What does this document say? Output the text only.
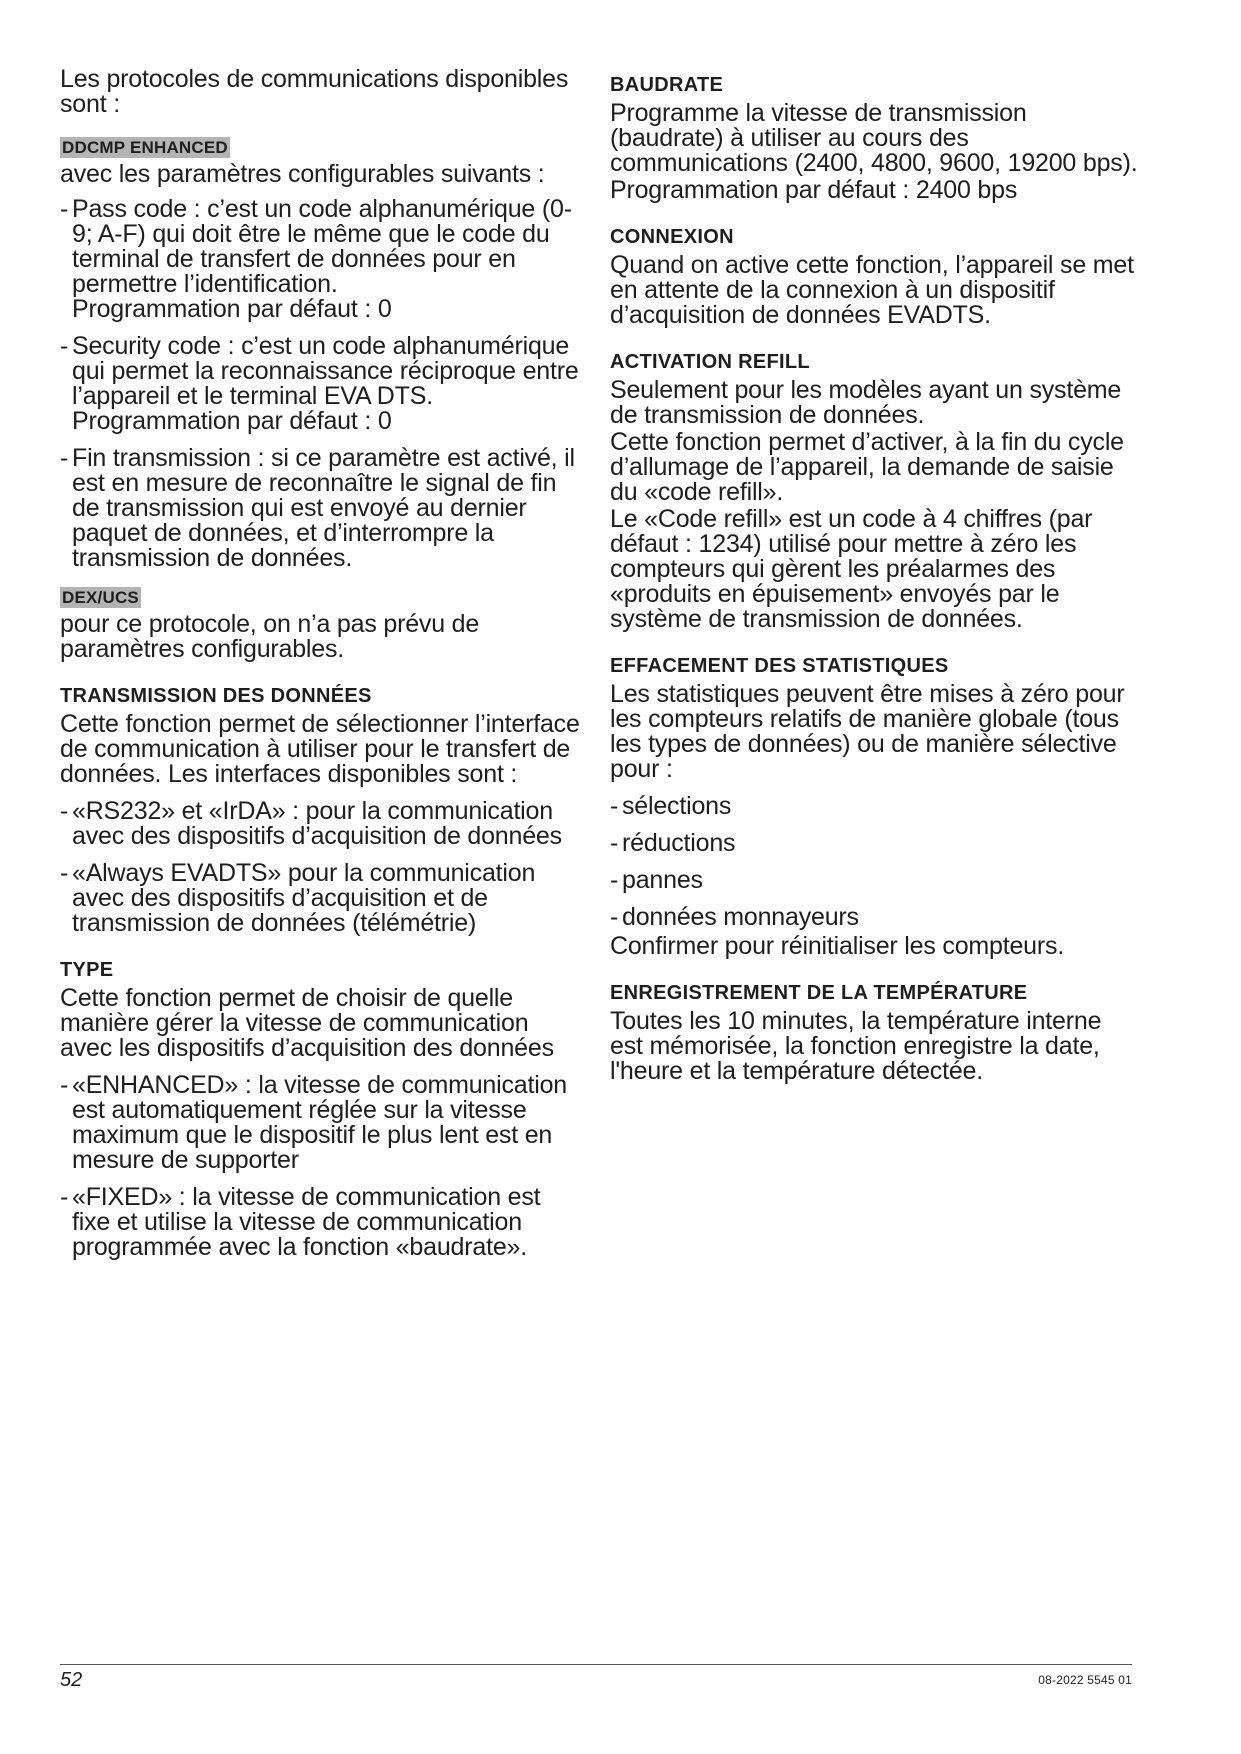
Les protocoles de communications disponibles sont :
DDCMP ENHANCED
avec les paramètres configurables suivants :
- Pass code : c’est un code alphanumérique (0-9; A-F) qui doit être le même que le code du terminal de transfert de données pour en permettre l’identification.
Programmation par défaut : 0
- Security code : c’est un code alphanumérique qui permet la reconnaissance réciproque entre l’appareil et le terminal EVA DTS.
Programmation par défaut : 0
- Fin transmission : si ce paramètre est activé, il est en mesure de reconnaître le signal de fin de transmission qui est envoyé au dernier paquet de données, et d’interrompre la transmission de données.
DEX/UCS
pour ce protocole, on n’a pas prévu de paramètres configurables.
TRANSMISSION DES DONNÉES
Cette fonction permet de sélectionner l’interface de communication à utiliser pour le transfert de données. Les interfaces disponibles sont :
- «RS232» et «IrDA» : pour la communication avec des dispositifs d’acquisition de données
- «Always EVADTS» pour la communication avec des dispositifs d’acquisition et de transmission de données (télémétrie)
TYPE
Cette fonction permet de choisir de quelle manière gérer la vitesse de communication avec les dispositifs d’acquisition des données
- «ENHANCED» : la vitesse de communication est automatiquement réglée sur la vitesse maximum que le dispositif le plus lent est en mesure de supporter
- «FIXED» : la vitesse de communication est fixe et utilise la vitesse de communication programmée avec la fonction «baudrate».
BAUDRATE
Programme la vitesse de transmission (baudrate) à utiliser au cours des communications (2400, 4800, 9600, 19200 bps).
Programmation par défaut : 2400 bps
CONNEXION
Quand on active cette fonction, l’appareil se met en attente de la connexion à un dispositif d’acquisition de données EVADTS.
ACTIVATION REFILL
Seulement pour les modèles ayant un système de transmission de données.
Cette fonction permet d’activer, à la fin du cycle d’allumage de l’appareil, la demande de saisie du «code refill».
Le «Code refill» est un code à 4 chiffres (par défaut : 1234) utilisé pour mettre à zéro les compteurs qui gèrent les préalarmes des «produits en épuisement» envoyés par le système de transmission de données.
EFFACEMENT DES STATISTIQUES
Les statistiques peuvent être mises à zéro pour les compteurs relatifs de manière globale (tous les types de données) ou de manière sélective pour :
- sélections
- réductions
- pannes
- données monnayeurs
Confirmer pour réinitialiser les compteurs.
ENREGISTREMENT DE LA TEMPÉRATURE
Toutes les 10 minutes, la température interne est mémorisée, la fonction enregistre la date, l'heure et la température détectée.
52	08-2022 5545 01
